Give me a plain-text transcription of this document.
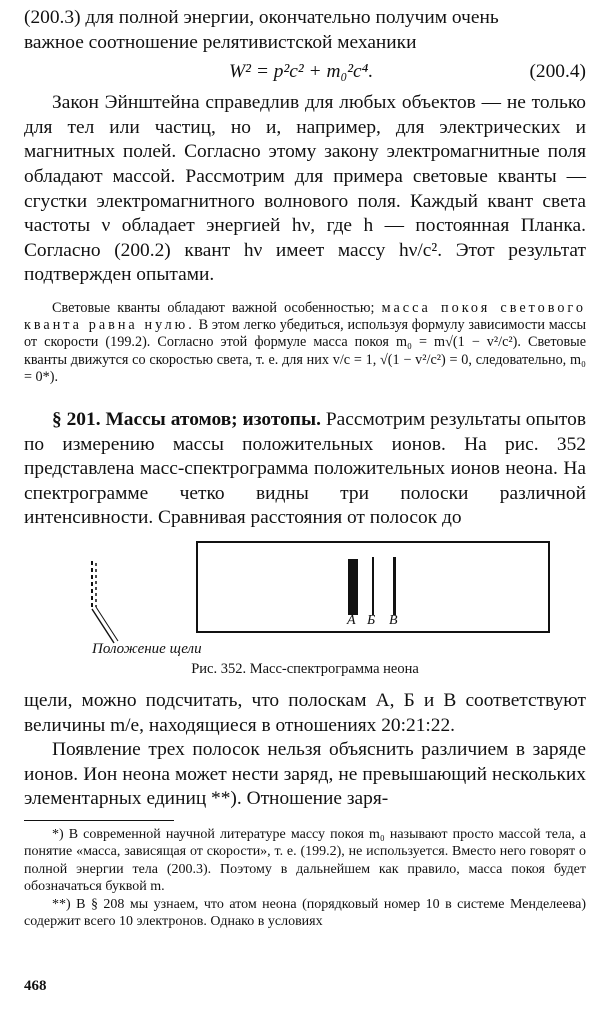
(200.3) для полной энергии, окончательно получим очень

важное соотношение релятивистской механики

W² = p²c² + m₀²c⁴.	(200.4)

Закон Эйнштейна справедлив для любых объектов — не только для тел или частиц, но и, например, для электрических и магнитных полей. Согласно этому закону электромагнитные поля обладают массой. Рассмотрим для примера световые кванты — сгустки электромагнитного волнового поля. Каждый квант света частоты ν обладает энергией hν, где h — постоянная Планка. Согласно (200.2) квант hν имеет массу hν/c². Этот результат подтвержден опытами.

Световые кванты обладают важной особенностью; масса покоя светового кванта равна нулю. В этом легко убедиться, используя формулу зависимости массы от скорости (199.2). Согласно этой формуле масса покоя m₀ = m√(1 − v²/c²). Световые кванты движутся со скоростью света, т. е. для них v/c = 1, √(1 − v²/c²) = 0, следовательно, m₀ = 0*).

§ 201. Массы атомов; изотопы. Рассмотрим результаты опытов по измерению массы положительных ионов. На рис. 352 представлена масс-спектрограмма положительных ионов неона. На спектрограмме четко видны три полоски различной интенсивности. Сравнивая расстояния от полосок до

А Б В
Положение щели
Рис. 352. Масс-спектрограмма неона

щели, можно подсчитать, что полоскам А, Б и В соответствуют величины m/e, находящиеся в отношениях 20:21:22.

Появление трех полосок нельзя объяснить различием в заряде ионов. Ион неона может нести заряд, не превышающий нескольких элементарных единиц **). Отношение заря-

*) В современной научной литературе массу покоя m₀ называют просто массой тела, а понятие «масса, зависящая от скорости», т. е. (199.2), не используется. Вместо него говорят о полной энергии тела (200.3). Поэтому в дальнейшем как правило, масса покоя будет обозначаться буквой m.

**) В § 208 мы узнаем, что атом неона (порядковый номер 10 в системе Менделеева) содержит всего 10 электронов. Однако в условиях

468
